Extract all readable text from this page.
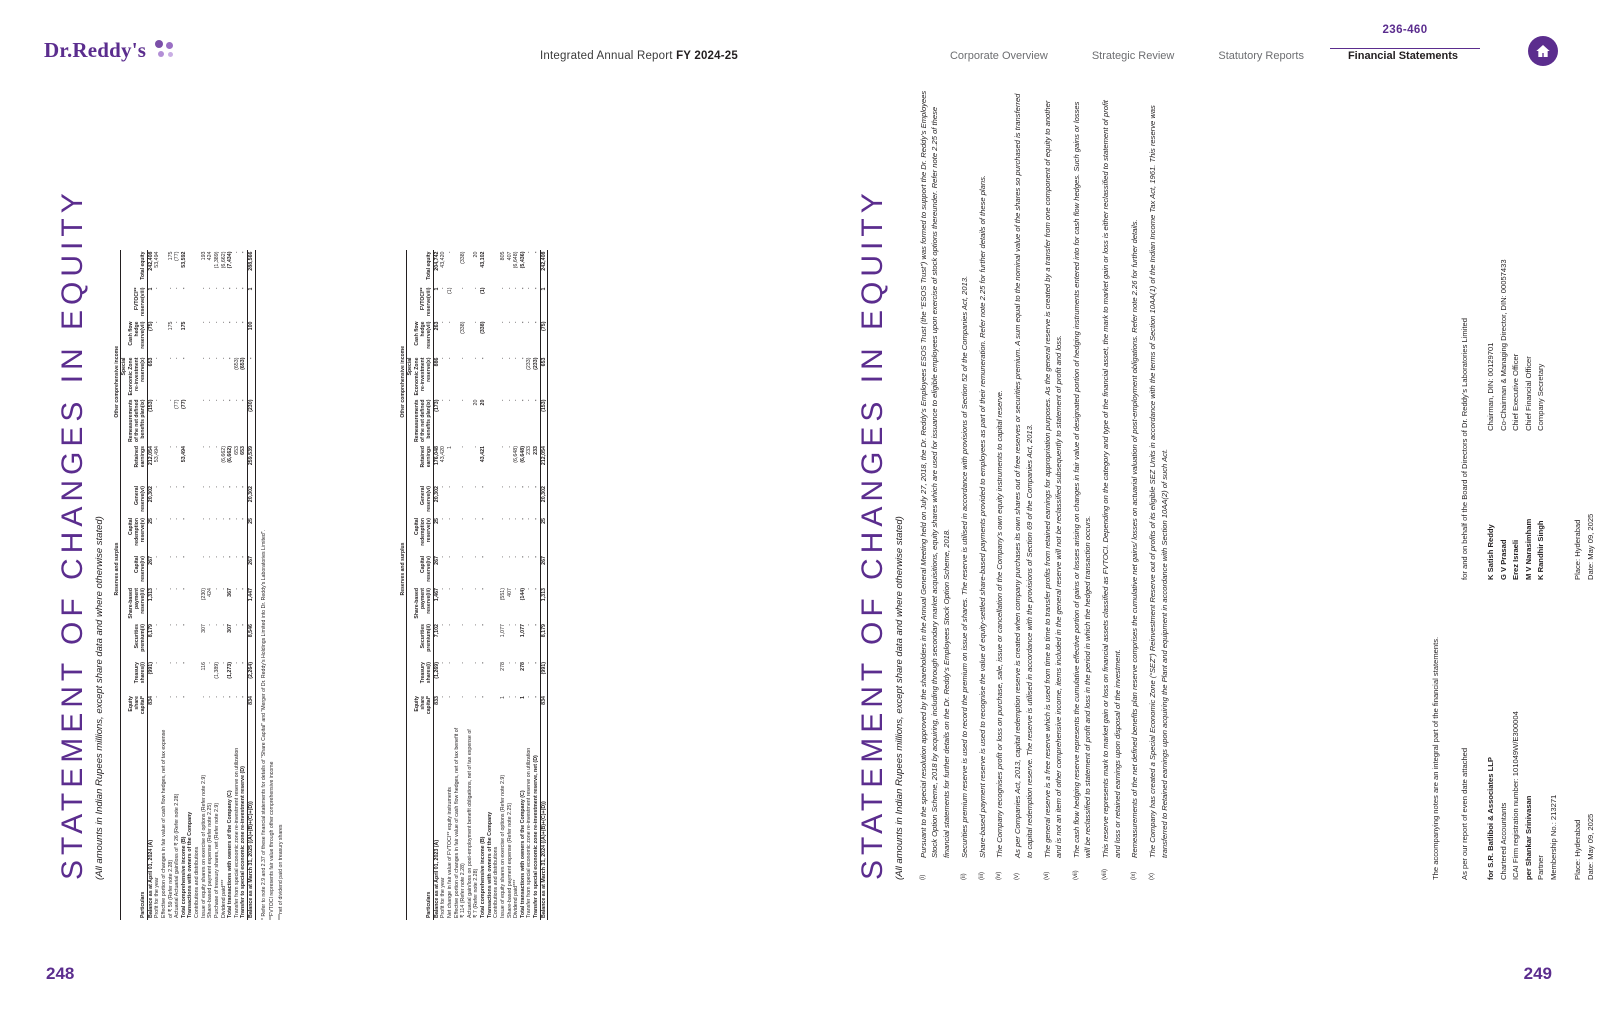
Dr.Reddy's	Integrated Annual Report FY 2024-25	Corporate Overview	Strategic Review	Statutory Reports	Financial Statements
236-460
STATEMENT OF CHANGES IN EQUITY (All amounts in Indian Rupees millions, except share data and where otherwise stated)
		Reserves and surplus							Other comprehensive income				
Particulars	Equity share capital*	Treasury shares(i)	Securities premium(ii)	Share-based payment reserve(iii)	Capital reserve(iv)	Capital redemption reserve(v)	General reserve(vi)	Retained earnings	Remeasurements of the net defined benefits plan(ix)	Special Economic Zone re-investment reserve(x)	Cash flow hedge reserve(vii)	FVTOCI** reserve(viii)	Total equity
Balance as at April 01, 2024 (A)	834	(991)	8,179	1,313	267	25	20,302	212,054	(153)	653	(75)	1	242,408
Profit for the year	-	-	-	-	-	-	-	53,494	-	-	-	-	53,494
Effective portion of changes in fair value of cash flow hedges, net of tax expense of ₹ 59 (Refer note 2.28)	-	-	-	-	-	-	-	-	-	-	175	-	175
Actuarial Actuarial gain/loss of ₹ 26 (Refer note 2.28)	-	-	-	-	-	-	-	-	(77)	-	-	-	(77)
Total comprehensive income (B)	-	-	-	-	-	-	-	53,494	(77)	-	175	-	53,592
Transactions with owners of the Company													
Contributions and distributions													
Issue of equity shares on exercise of options (Refer note 2.9)	-	116	307	(230)	-	-	-	-	-	-	-	-	193
Share-based payment expense (Refer note 2.25)	-	-	-	424	-	-	-	-	-	-	-	-	424
Purchase of treasury shares, net (Refer note 2.9)	-	(1,389)	-	-	-	-	-	-	-	-	-	-	(1,389)
Dividend paid***	-	-	-	-	-	-	-	(6,662)	-	-	-	-	(6,662)
Total transactions with owners of the Company (C)	-	(1,273)	307	367	-	-	-	(6,662)	-	-	-	-	(7,434)
Transfer from special economic zone re-investment reserve on utilization	-	-	-	-	-	-	-	653	-	(653)	-	-	-
Transfer to special economic zone re-investment reserve (D)	-	-	-	-	-	-	-	653	-	(653)	-	-	-
Balance as at March 31, 2025 ((A)+(B)+(C)+(D))	834	(2,264)	8,546	1,447	267	25	20,302	259,539	(230)	-	100	1	288,566
* Refer to note 2.9 and 2.37 of these financial statements for details of “Share Capital” and “Merger of Dr. Reddy’s Holdings Limited into Dr. Reddy’s Laboratories Limited”. **FVTOCI represents fair value through other comprehensive income ***net of dividend paid on treasury shares
		Reserves and surplus							Other comprehensive income				
Particulars	Equity share capital*	Treasury shares(i)	Securities premium(ii)	Share-based payment reserve(iii)	Capital reserve(iv)	Capital redemption reserve(v)	General reserve(vi)	Retained earnings	Remeasurements of the net defined benefits plan(ix)	Special Economic Zone re-investment reserve(x)	Cash flow hedge reserve(vii)	FVTOCI** reserve(viii)	Total equity
Balance as at April 01, 2023 (A)	833	(1,269)	7,102	1,467	267	25	20,302	176,048	(173)	886	263	1	204,742
Profit for the year	-	-	-	-	-	-	-	43,420	-	-	-	-	43,420
Net change in fair value of FVTOCI** equity instruments	-	-	-	-	-	-	-	1	-	-	-	(1)	-
Effective portion of changes in fair value of cash flow hedges, net of tax benefit of ₹ 114 (Refer note 2.28)	-	-	-	-	-	-	-	-	-	-	(338)	-	(338)
Actuarial gain/loss on post-employment benefit obligations, net of tax expense of ₹ 7 (Refer note 2.28)	-	-	-	-	-	-	-	-	20	-	-	-	20
Total comprehensive income (B)	-	-	-	-	-	-	-	43,421	20	-	(338)	(1)	43,102
Transactions with owners of the Company													
Contributions and distributions													
Issue of equity shares on exercise of options (Refer note 2.9)	1	278	1,077	(551)	-	-	-	-	-	-	-	-	805
Share-based payment expense (Refer note 2.25)	-	-	-	407	-	-	-	-	-	-	-	-	407
Dividend paid***	-	-	-	-	-	-	-	(6,648)	-	-	-	-	(6,648)
Total transactions with owners of the Company (C)	1	278	1,077	(144)	-	-	-	(6,648)	-	-	-	-	(5,436)
Transfer from special economic zone re-investment reserve on utilization	-	-	-	-	-	-	-	233	-	(233)	-	-	-
Transfer to special economic zone re-investment reserve, net (D)	-	-	-	-	-	-	-	233	-	(233)	-	-	-
Balance as at March 31, 2024 ((A)+(B)+(C)+(D))	834	(991)	8,179	1,313	267	25	20,302	212,054	(153)	653	(75)	1	242,408
248
STATEMENT OF CHANGES IN EQUITY (All amounts in Indian Rupees millions, except share data and where otherwise stated)	(i)
Pursuant to the special resolution approved by the shareholders in the Annual General Meeting held on July 27, 2018, the Dr. Reddy’s Employees ESOS Trust (the “ESOS Trust”) was formed to support the Dr. Reddy’s Employees Stock Option Scheme, 2018 by acquiring, including through secondary market acquisitions, equity shares which are used for issuance to eligible employees upon exercise of stock options thereunder. Refer note 2.25 of these financial statements for further details on the Dr. Reddy’s Employees Stock Option Scheme, 2018.
(ii)
Securities premium reserve is used to record the premium on issue of shares. The reserve is utilised in accordance with provisions of Section 52 of the Companies Act, 2013.
(iii)
Share-based payment reserve is used to recognise the value of equity-settled share-based payments provided to employees as part of their remuneration. Refer note 2.25 for further details of these plans.
(iv)
The Company recognises profit or loss on purchase, sale, issue or cancellation of the Company’s own equity instruments to capital reserve.
(v)
As per Companies Act, 2013, capital redemption reserve is created when company purchases its own shares out of free reserves or securities premium. A sum equal to the nominal value of the shares so purchased is transferred to capital redemption reserve. The reserve is utilised in accordance with the provisions of Section 69 of the Companies Act, 2013.
(vi)
The general reserve is a free reserve which is used from time to time to transfer profits from retained earnings for appropriation purposes. As the general reserve is created by a transfer from one component of equity to another and is not an item of other comprehensive income, items included in the general reserve will not be reclassified subsequently to statement of profit and loss.
(vii)
The cash flow hedging reserve represents the cumulative effective portion of gains or losses arising on changes in fair value of designated portion of hedging instruments entered into for cash flow hedges. Such gains or losses will be reclassified to statement of profit and loss in the period in which the hedged transaction occurs.
(viii)
This reserve represents mark to market gain or loss on financial assets classified as FVTOCI. Depending on the category and type of the financial asset, the mark to market gain or loss is either reclassified to statement of profit and loss or retained earnings upon disposal of the investment.
(ix)
Remeasurements of the net defined benefits plan reserve comprises the cumulative net gains/ losses on actuarial valuation of post-employment obligations. Refer note 2.26 for further details.
(x)
The Company has created a Special Economic Zone (“SEZ”) Reinvestment Reserve out of profits of its eligible SEZ Units in accordance with the terms of Section 10AA(1) of the Indian Income Tax Act, 1961. This reserve was transferred to Retained earnings upon acquiring the Plant and equipment in accordance with Section 10AA(2) of such Act.	The accompanying notes are an integral part of the financial statements.	As per our report of even date attached
for and on behalf of the Board of Directors of Dr. Reddy’s Laboratories Limited
for S.R. Batliboi & Associates LLP Chartered Accountants ICAI Firm registration number: 101049W/E300004 per Shankar Srinivasan Partner Membership No.: 213271
K Satish Reddy
Chairman, DIN: 00129701
G V Prasad
Co-Chairman & Managing Director, DIN: 00057433
Erez Israeli
Chief Executive Officer
M V Narasimham
Chief Financial Officer
K Randhir Singh
Company Secretary
Place: Hyderabad Date: May 09, 2025
Place: Hyderabad Date: May 09, 2025
249
